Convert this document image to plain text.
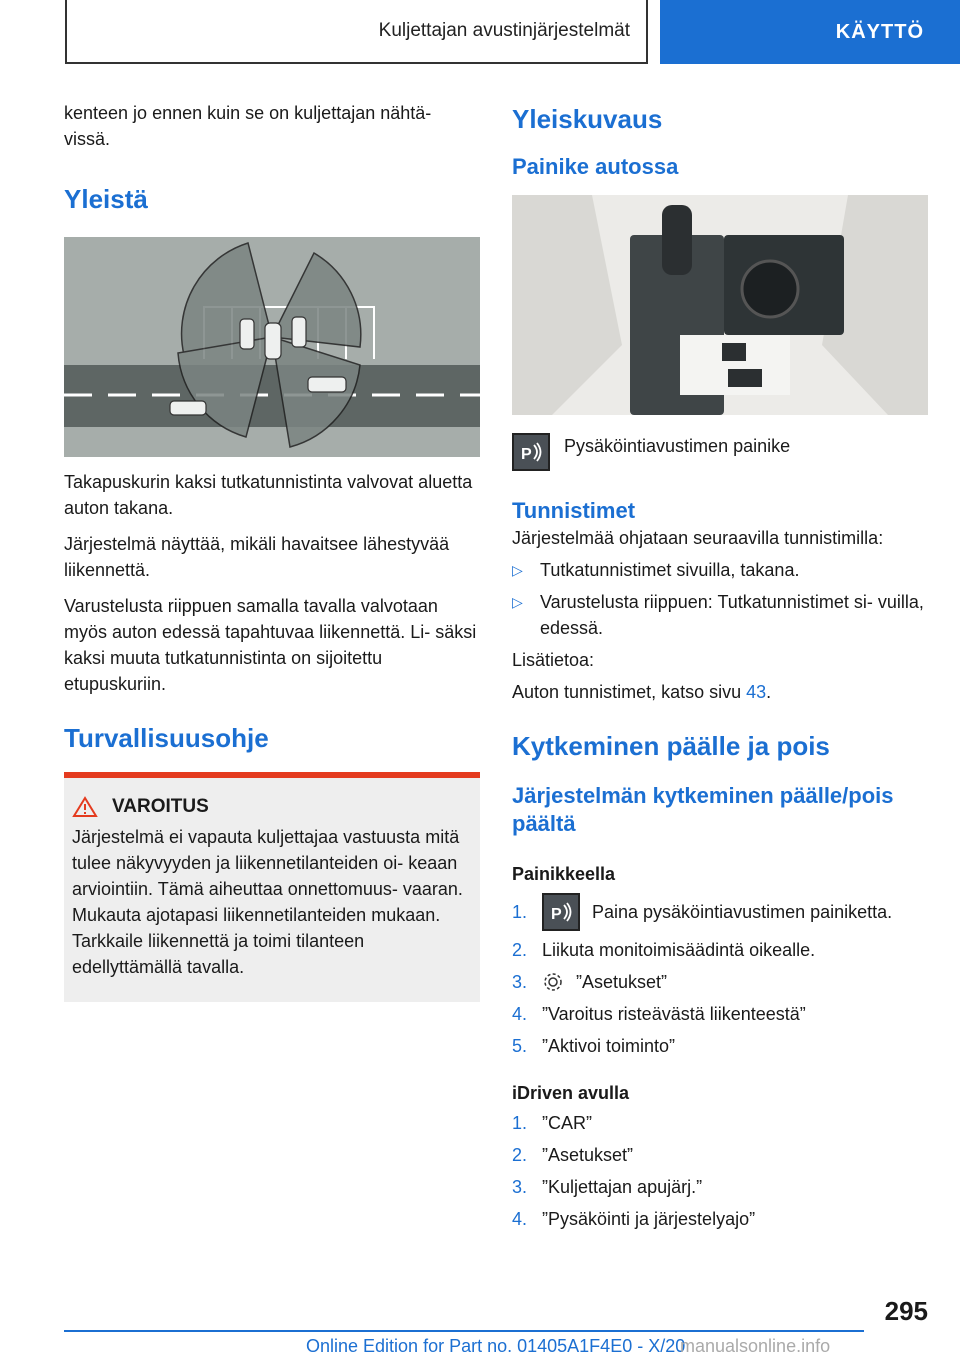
Kuljettajan avustinjärjestelmät	KÄYTTÖ

kenteen jo ennen kuin se on kuljettajan nähtä- vissä.

Yleistä

Takapuskurin kaksi tutkatunnistinta valvovat aluetta auton takana.

Järjestelmä näyttää, mikäli havaitsee lähestyvää liikennettä.

Varustelusta riippuen samalla tavalla valvotaan myös auton edessä tapahtuvaa liikennettä. Li- säksi kaksi muuta tutkatunnistinta on sijoitettu etupuskuriin.

Turvallisuusohje
VAROITUS

Järjestelmä ei vapauta kuljettajaa vastuusta mitä tulee näkyvyyden ja liikennetilanteiden oi- keaan arviointiin. Tämä aiheuttaa onnettomuus- vaaran. Mukauta ajotapasi liikennetilanteiden mukaan. Tarkkaile liikennettä ja toimi tilanteen edellyttämällä tavalla.

Yleiskuvaus
Painike autossa
P Pysäköintiavustimen painike

Tunnistimet

Järjestelmää ohjataan seuraavilla tunnistimilla:

▷ Tutkatunnistimet sivuilla, takana.
▷ Varustelusta riippuen: Tutkatunnistimet si- vuilla, edessä.

Lisätietoa:

Auton tunnistimet, katso sivu 43.

Kytkeminen päälle ja pois
Järjestelmän kytkeminen päälle/pois päältä
Painikkeella
1.	P Paina pysäköintiavustimen painiketta.
2. Liikuta monitoimisäädintä oikealle.
3.	”Asetukset”
4. ”Varoitus risteävästä liikenteestä”
5. ”Aktivoi toiminto”
iDriven avulla
1. ”CAR”
2. ”Asetukset”
3. ”Kuljettajan apujärj.”
4. ”Pysäköinti ja järjestelyajo”
295
Online Edition for Part no. 01405A1F4E0 - X/20
manualsonline.info
